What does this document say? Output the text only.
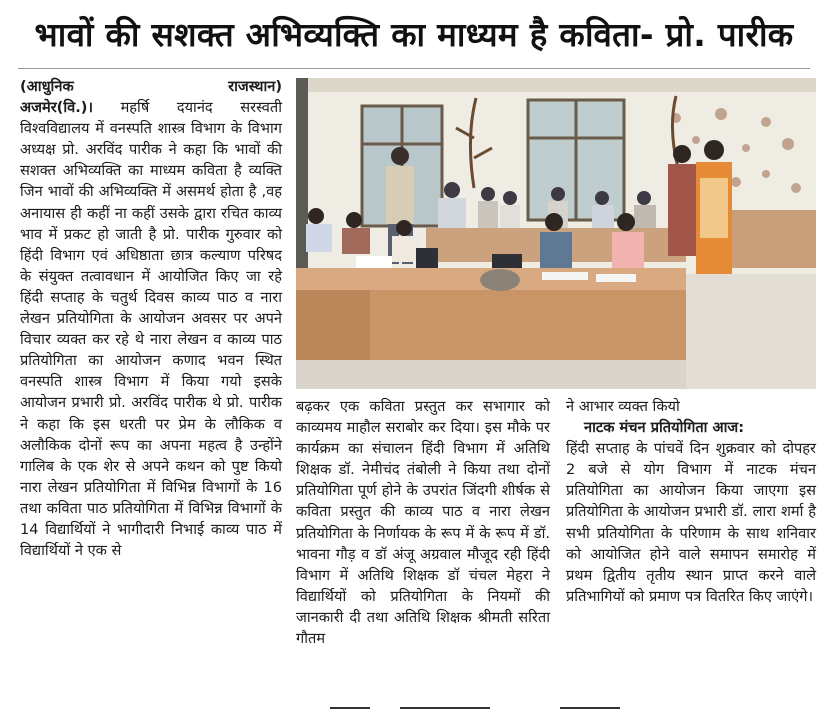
भावों की सशक्त अभिव्यक्ति का माध्यम है कविता- प्रो. पारीक
(आधुनिक	राजस्थान)

अजमेर(वि.)। महर्षि दयानंद सरस्वती विश्वविद्यालय में वनस्पति शास्त्र विभाग के विभाग अध्यक्ष प्रो. अरविंद पारीक ने कहा कि भावों की सशक्त अभिव्यक्ति का माध्यम कविता है व्यक्ति जिन भावों की अभिव्यक्ति में असमर्थ होता है ,वह अनायास ही कहीं ना कहीं उसके द्वारा रचित काव्य भाव में प्रकट हो जाती है प्रो. पारीक गुरुवार को हिंदी विभाग एवं अधिष्ठाता छात्र कल्याण परिषद के संयुक्त तत्वावधान में आयोजित किए जा रहे हिंदी सप्ताह के चतुर्थ दिवस काव्य पाठ व नारा लेखन प्रतियोगिता के आयोजन अवसर पर अपने विचार व्यक्त कर रहे थे नारा लेखन व काव्य पाठ प्रतियोगिता का आयोजन कणाद भवन स्थित वनस्पति शास्त्र विभाग में किया गयो इसके आयोजन प्रभारी प्रो. अरविंद पारीक थे प्रो. पारीक ने कहा कि इस धरती पर प्रेम के लौकिक व अलौकिक दोनों रूप का अपना महत्व है उन्होंने गालिब के एक शेर से अपने कथन को पुष्ट कियो नारा लेखन प्रतियोगिता में विभिन्न विभागों के 16 तथा कविता पाठ प्रतियोगिता में विभिन्न विभागों के 14 विद्यार्थियों ने भागीदारी निभाई काव्य पाठ में विद्यार्थियों ने एक से

बढ़कर एक कविता प्रस्तुत कर सभागार को काव्यमय माहौल सराबोर कर दिया। इस मौके पर कार्यक्रम का संचालन हिंदी विभाग में अतिथि शिक्षक डॉ. नेमीचंद तंबोली ने किया तथा दोनों प्रतियोगिता पूर्ण होने के उपरांत जिंदगी शीर्षक से कविता प्रस्तुत की काव्य पाठ व नारा लेखन प्रतियोगिता के निर्णायक के रूप में के रूप में डॉ. भावना गौड़ व डॉ अंजू अग्रवाल मौजूद रही हिंदी विभाग में अतिथि शिक्षक डॉ चंचल मेहरा ने विद्यार्थियों को प्रतियोगिता के नियमों की जानकारी दी तथा अतिथि शिक्षक श्रीमती सरिता गौतम

ने आभार व्यक्त कियो

नाटक मंचन प्रतियोगिता आज:

हिंदी सप्ताह के पांचवें दिन शुक्रवार को दोपहर 2 बजे से योग विभाग में नाटक मंचन प्रतियोगिता का आयोजन किया जाएगा इस प्रतियोगिता के आयोजन प्रभारी डॉ. लारा शर्मा है सभी प्रतियोगिता के परिणाम के साथ शनिवार को आयोजित होने वाले समापन समारोह में प्रथम द्वितीय तृतीय स्थान प्राप्त करने वाले प्रतिभागियों को प्रमाण पत्र वितरित किए जाएंगे।
